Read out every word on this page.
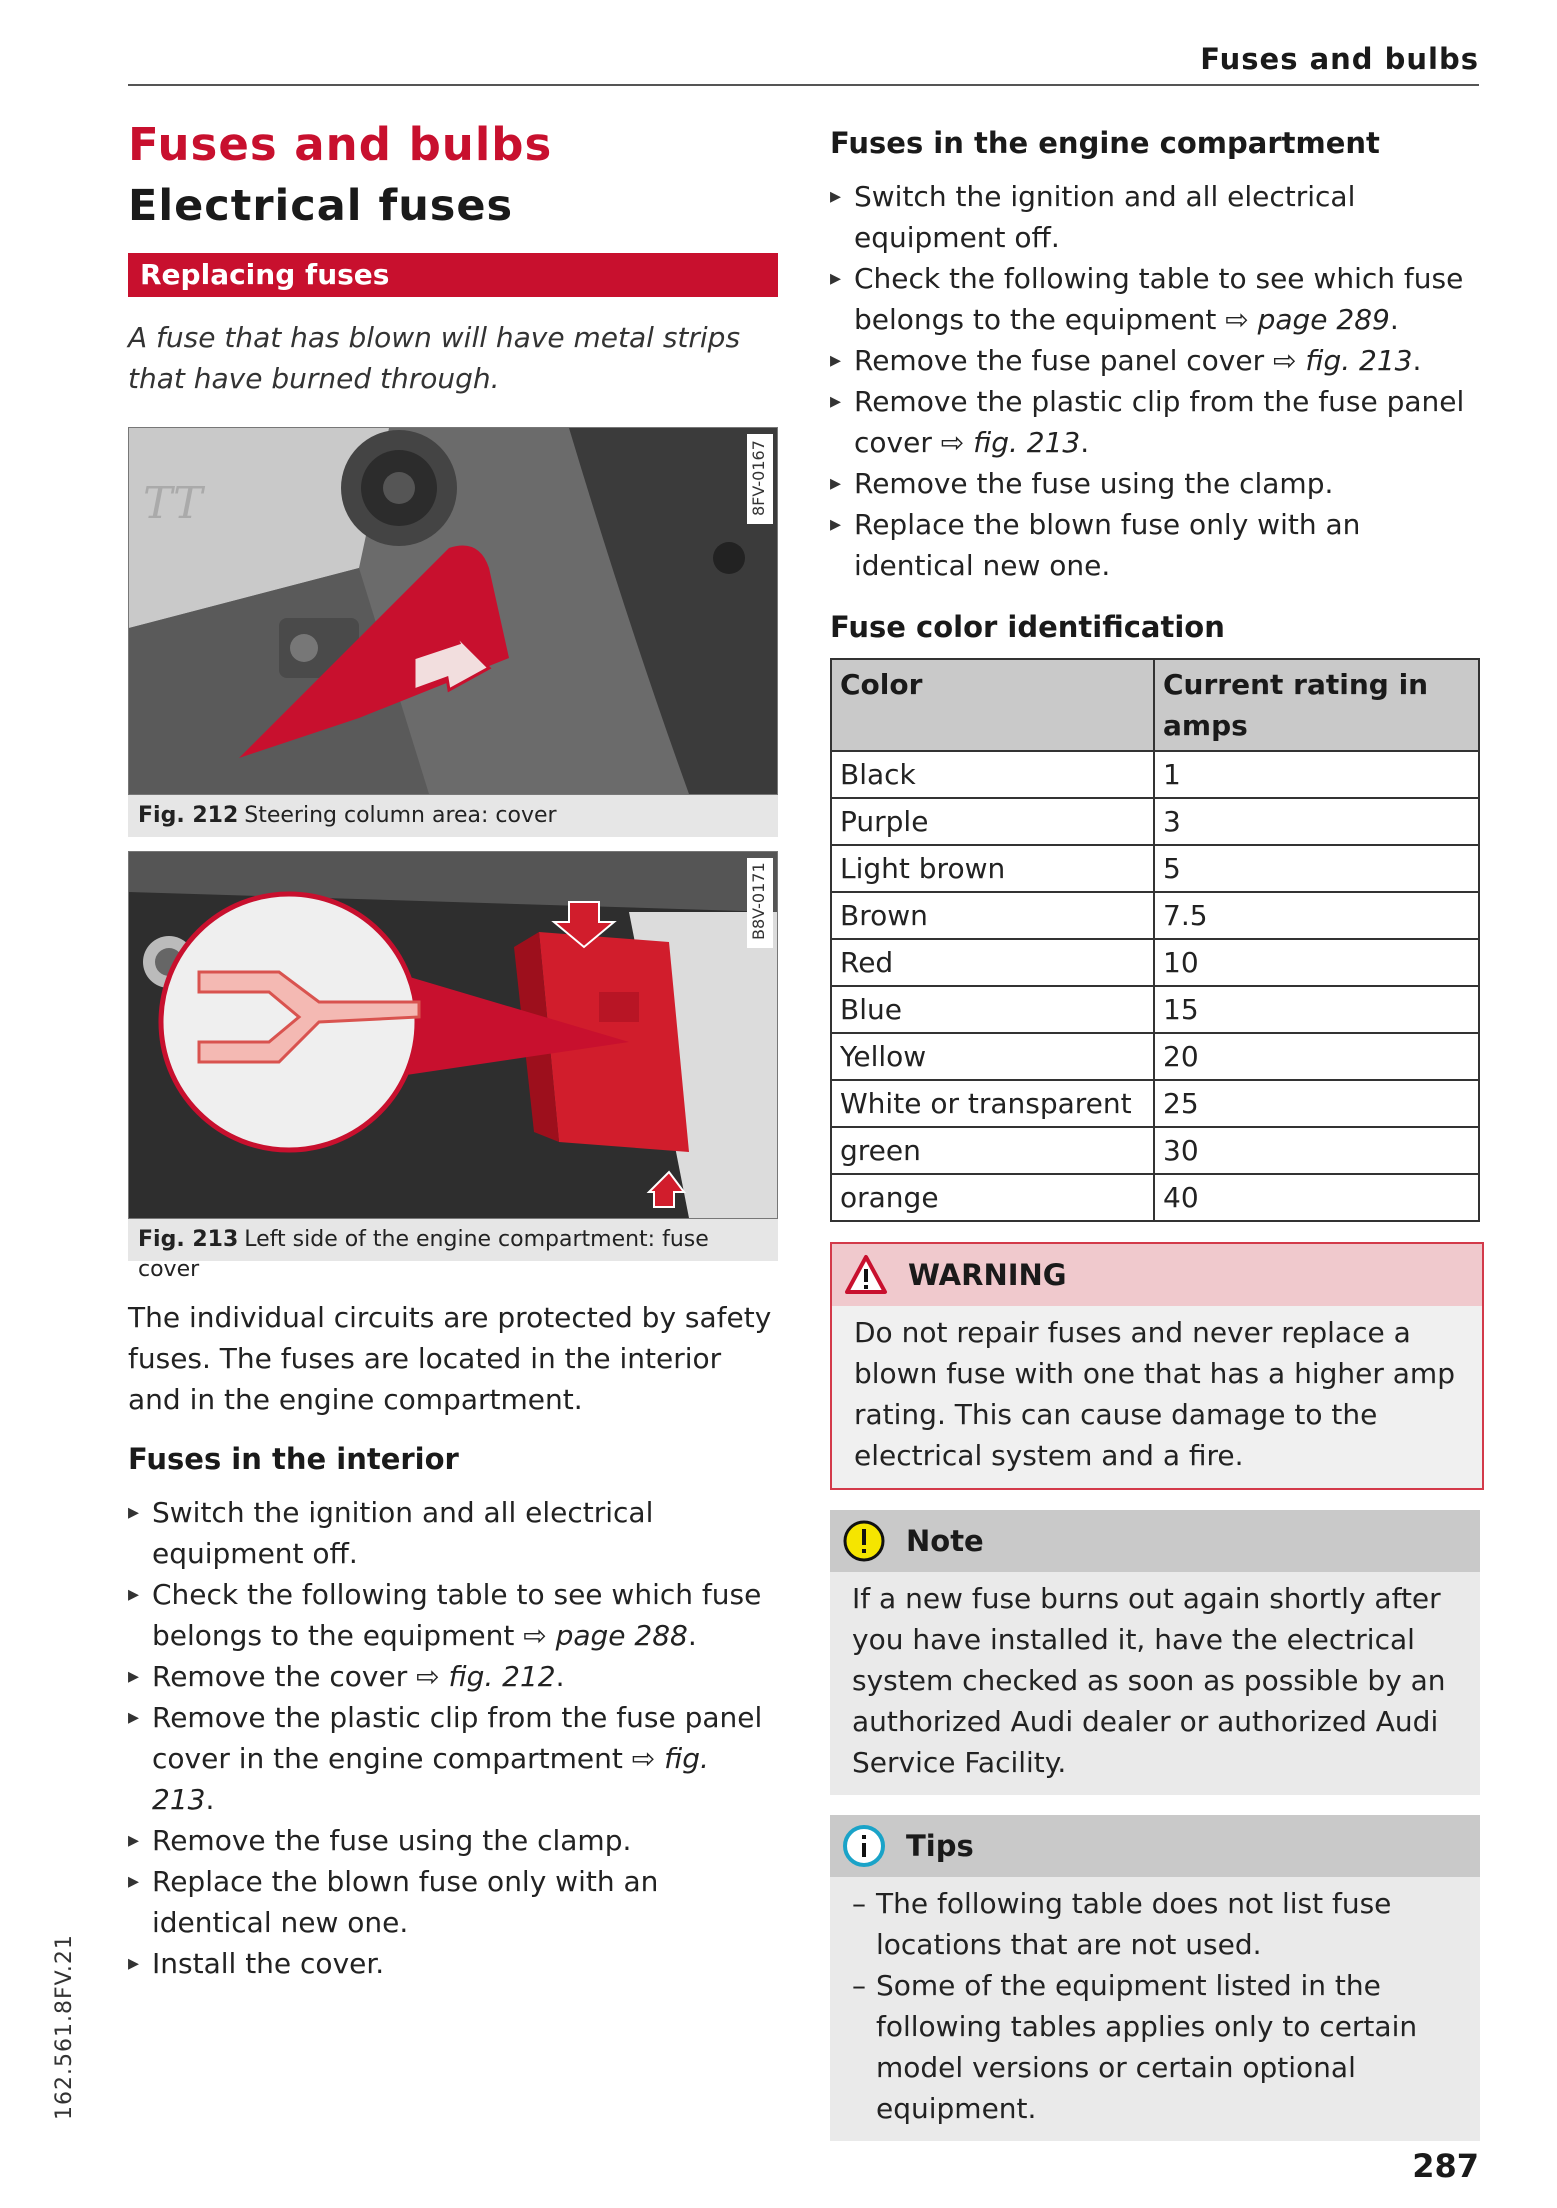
Fuses and bulbs
162.561.8FV.21
287
Fuses and bulbs
Electrical fuses
Replacing fuses
A fuse that has blown will have metal strips that have burned through.
TT	8FV-0167
Fig. 212 Steering column area: cover
B8V-0171
Fig. 213 Left side of the engine compartment: fuse cover

The individual circuits are protected by safety fuses. The fuses are located in the interior and in the engine compartment.

Fuses in the interior
▸ Switch the ignition and all electrical equipment off.
▸ Check the following table to see which fuse belongs to the equipment ⇨ page 288.
▸ Remove the cover ⇨ fig. 212.
▸ Remove the plastic clip from the fuse panel cover in the engine compartment ⇨ fig. 213.
▸ Remove the fuse using the clamp.
▸ Replace the blown fuse only with an identical new one.
▸ Install the cover.
Fuses in the engine compartment
▸ Switch the ignition and all electrical equipment off.
▸ Check the following table to see which fuse belongs to the equipment ⇨ page 289.
▸ Remove the fuse panel cover ⇨ fig. 213.
▸ Remove the plastic clip from the fuse panel cover ⇨ fig. 213.
▸ Remove the fuse using the clamp.
▸ Replace the blown fuse only with an identical new one.
Fuse color identification
Color	Current rating in amps
Black	1
Purple	3
Light brown	5
Brown	7.5
Red	10
Blue	15
Yellow	20
White or transparent	25
green	30
orange	40
WARNING
Do not repair fuses and never replace a blown fuse with one that has a higher amp rating. This can cause damage to the electrical system and a fire.
Note
If a new fuse burns out again shortly after you have installed it, have the electrical system checked as soon as possible by an authorized Audi dealer or authorized Audi Service Facility.
Tips
– The following table does not list fuse locations that are not used.
– Some of the equipment listed in the following tables applies only to certain model versions or certain optional equipment.
